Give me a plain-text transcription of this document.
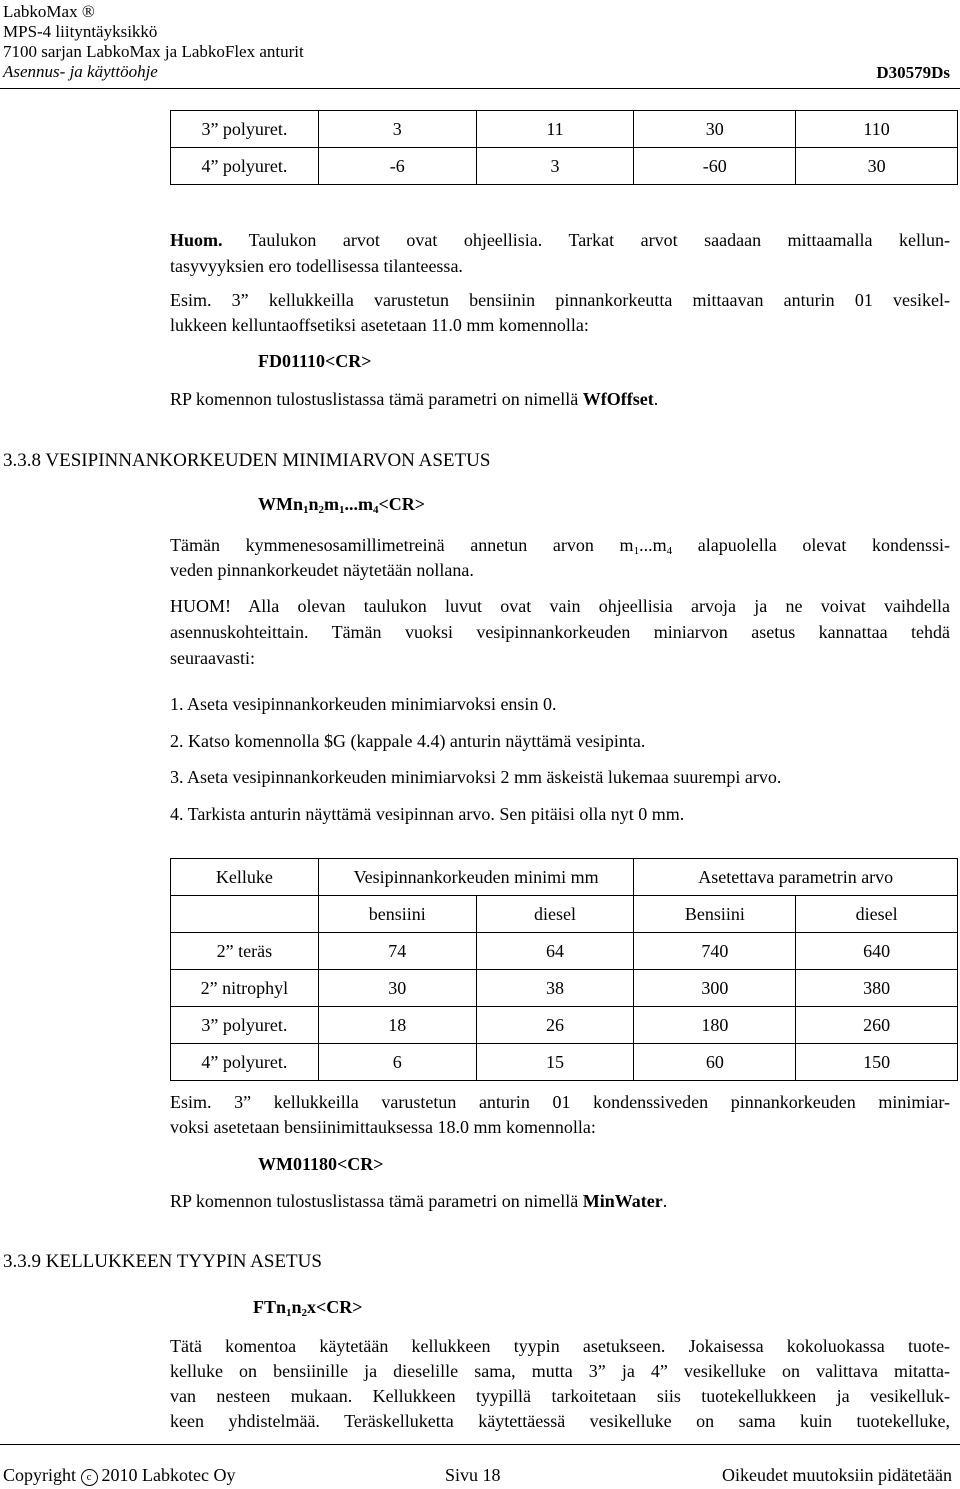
LabkoMax ®
MPS-4 liityntäyksikkö
7100 sarjan LabkoMax ja LabkoFlex anturit
Asennus- ja käyttöohje	D30579Ds
3” polyuret.	3	11	30	110
4” polyuret.	-6	3	-60	30
Huom. Taulukon arvot ovat ohjeellisia. Tarkat arvot saadaan mittaamalla kellun-
tasyvyyksien ero todellisessa tilanteessa.
Esim. 3” kellukkeilla varustetun bensiinin pinnankorkeutta mittaavan anturin 01 vesikel-
lukkeen kelluntaoffsetiksi asetetaan 11.0 mm komennolla:
FD01110<CR>
RP komennon tulostuslistassa tämä parametri on nimellä WfOffset.
3.3.8 VESIPINNANKORKEUDEN MINIMIARVON ASETUS
$WMn_1n_2m_1...m_4<CR>$
Tämän kymmenesosamillimetreinä annetun arvon $m_1...m_4$ alapuolella olevat kondenssi-
veden pinnankorkeudet näytetään nollana.
HUOM! Alla olevan taulukon luvut ovat vain ohjeellisia arvoja ja ne voivat vaihdella
asennuskohteittain. Tämän vuoksi vesipinnankorkeuden miniarvon asetus kannattaa tehdä
seuraavasti:
1. Aseta vesipinnankorkeuden minimiarvoksi ensin 0.
2. Katso komennolla $G (kappale 4.4) anturin näyttämä vesipinta.
3. Aseta vesipinnankorkeuden minimiarvoksi 2 mm äskeistä lukemaa suurempi arvo.
4. Tarkista anturin näyttämä vesipinnan arvo. Sen pitäisi olla nyt 0 mm.
Kelluke	Vesipinnankorkeuden minimi mm		Asetettava parametrin arvo	
	bensiini	diesel	Bensiini	diesel
2” teräs	74	64	740	640
2” nitrophyl	30	38	300	380
3” polyuret.	18	26	180	260
4” polyuret.	6	15	60	150
Esim. 3” kellukkeilla varustetun anturin 01 kondenssiveden pinnankorkeuden minimiar-
voksi asetetaan bensiinimittauksessa 18.0 mm komennolla:
WM01180<CR>
RP komennon tulostuslistassa tämä parametri on nimellä MinWater.
3.3.9 KELLUKKEEN TYYPIN ASETUS
$FTn_1n_2x<CR>$
Tätä komentoa käytetään kellukkeen tyypin asetukseen. Jokaisessa kokoluokassa tuote-
kelluke on bensiinille ja dieselille sama, mutta 3” ja 4” vesikelluke on valittava mitatta-
van nesteen mukaan. Kellukkeen tyypillä tarkoitetaan siis tuotekellukkeen ja vesikelluk-
keen yhdistelmää. Teräskelluketta käytettäessä vesikelluke on sama kuin tuotekelluke,
Copyright c 2010 Labkotec Oy	Sivu 18	Oikeudet muutoksiin pidätetään
